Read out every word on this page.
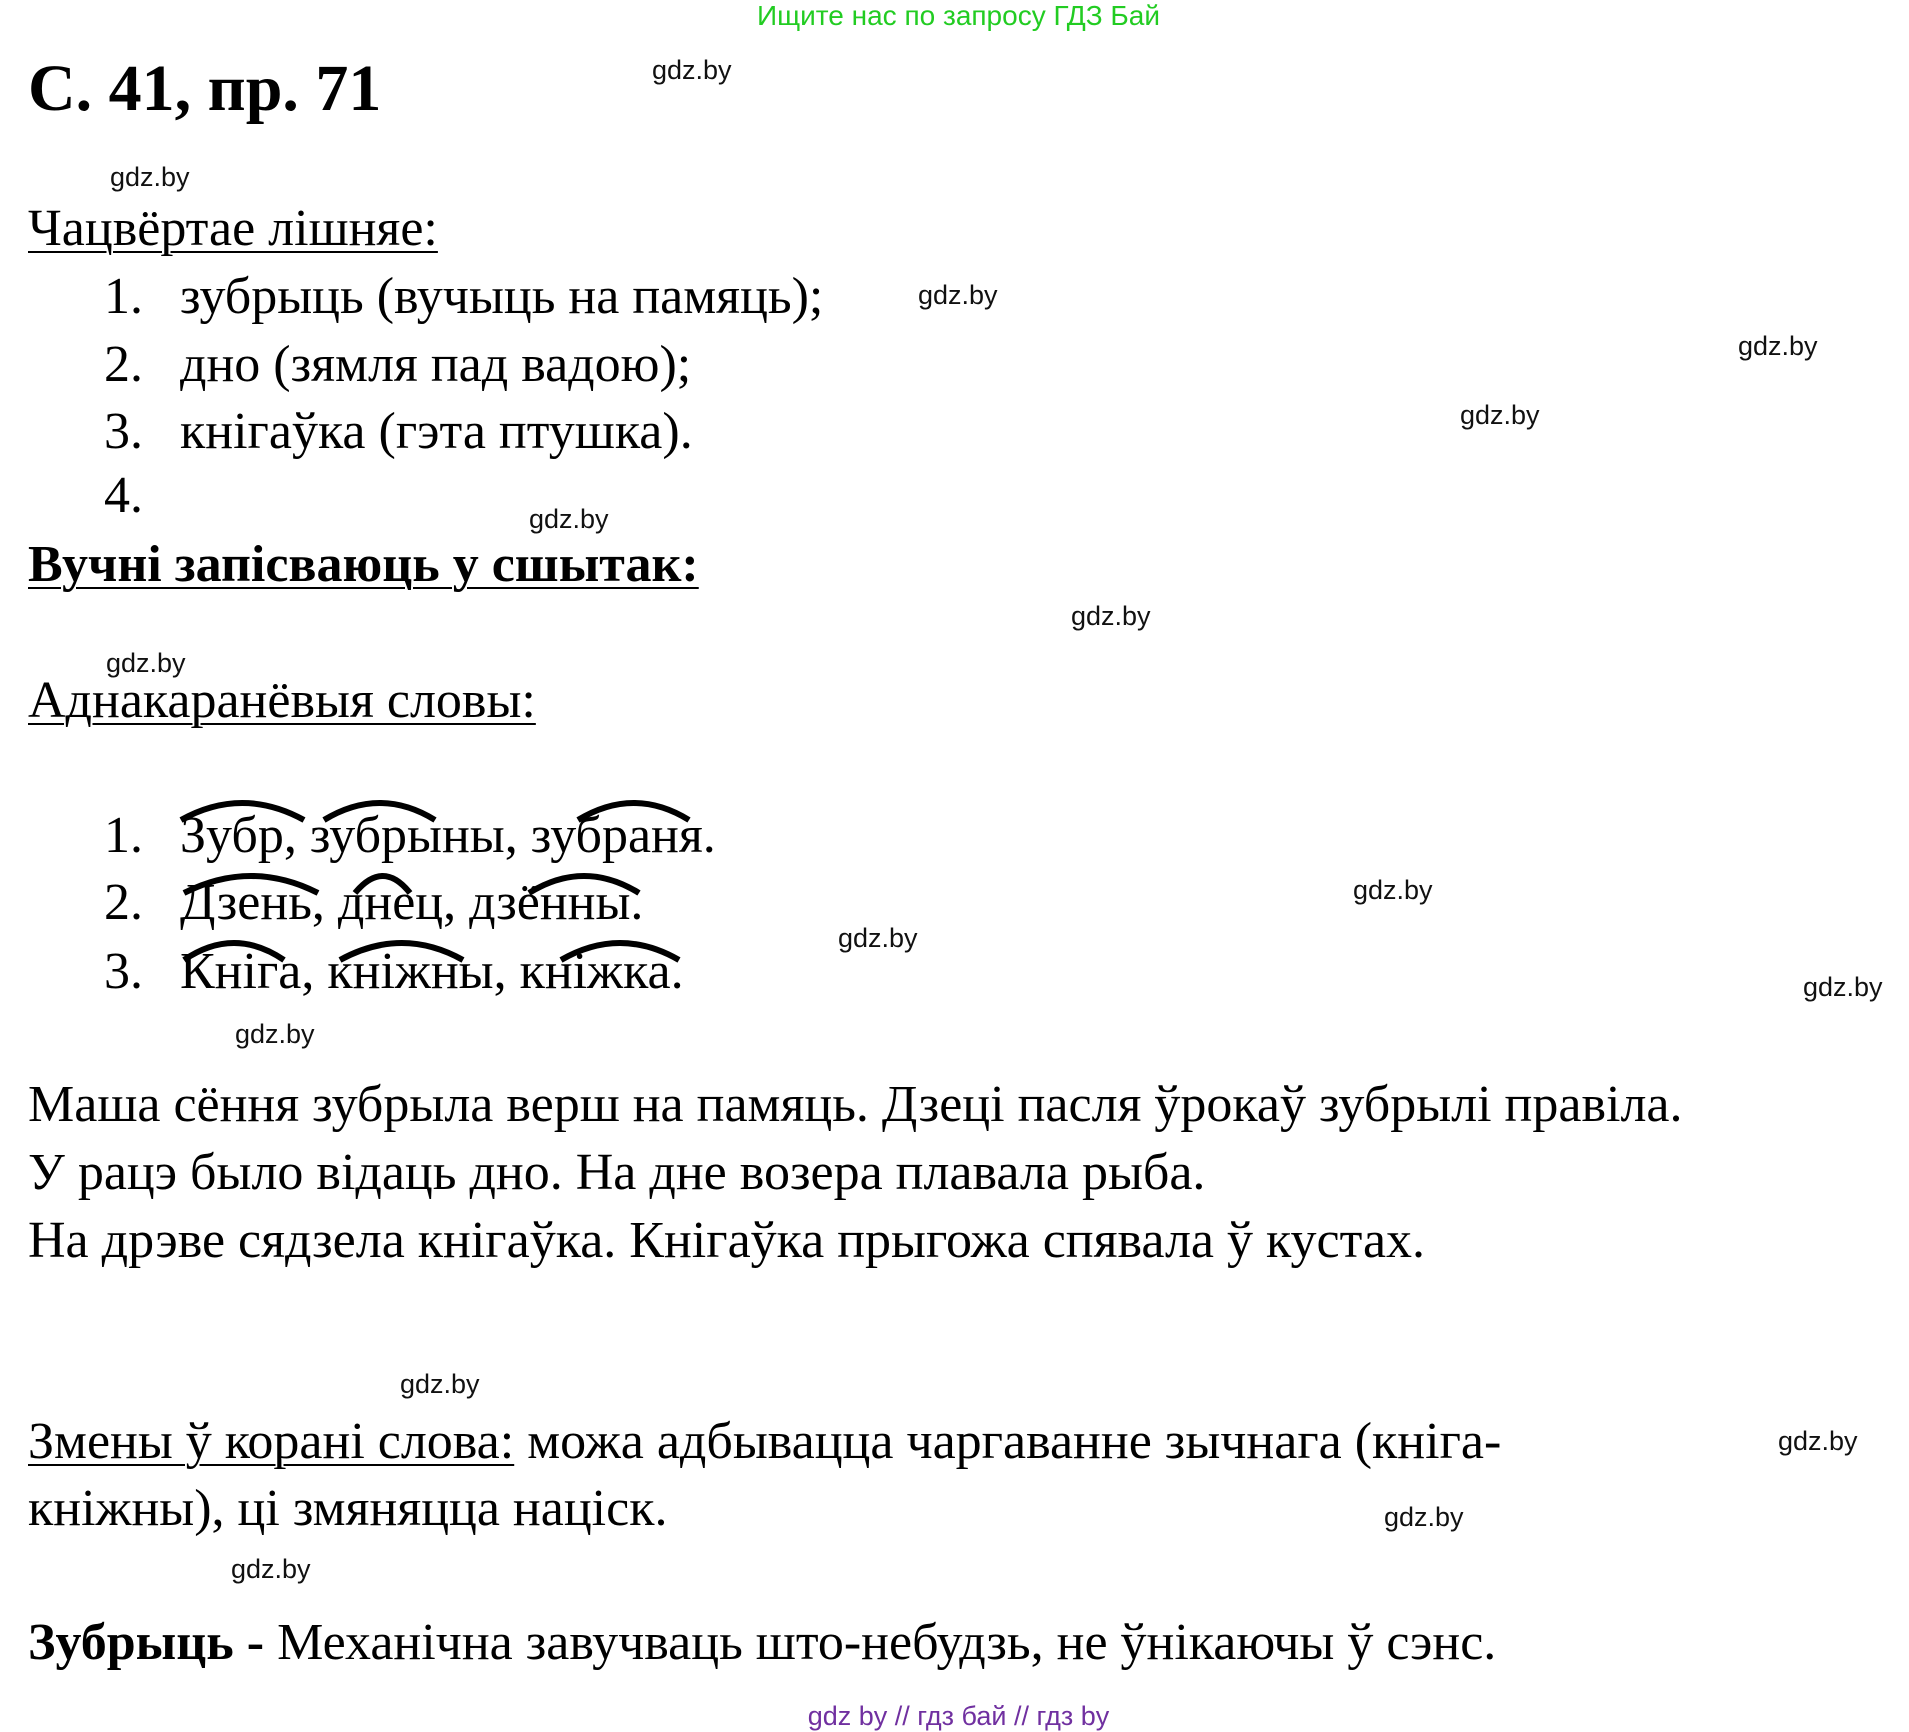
Ищите нас по запросу ГДЗ Бай
С. 41, пр. 71
Чацвёртае лішняе:
1. зубрыць (вучыць на памяць);
2. дно (зямля пад вадою);
3. кнігаўка (гэта птушка).
4.
Вучні запісваюць у сшытак:
Аднакаранёвыя словы:
1. Зубр, зубрыны, зубраня.
2. Дзень, днец, дзённы.
3. Кніга, кніжны, кніжка.
Маша сёння зубрыла верш на памяць. Дзеці пасля ўрокаў зубрылі правіла.
У рацэ было відаць дно. На дне возера плавала рыба.
На дрэве сядзела кнігаўка. Кнігаўка прыгожа спявала ў кустах.
Змены ў корані слова: можа адбывацца чаргаванне зычнага (кніга-
кніжны), ці змяняцца націск.
Зубрыць - Механічна завучваць што-небудзь, не ўнікаючы ў сэнс.
gdz by // гдз бай // гдз by
gdz.by
gdz.by
gdz.by
gdz.by
gdz.by
gdz.by
gdz.by
gdz.by
gdz.by
gdz.by
gdz.by
gdz.by
gdz.by
gdz.by
gdz.by
gdz.by
